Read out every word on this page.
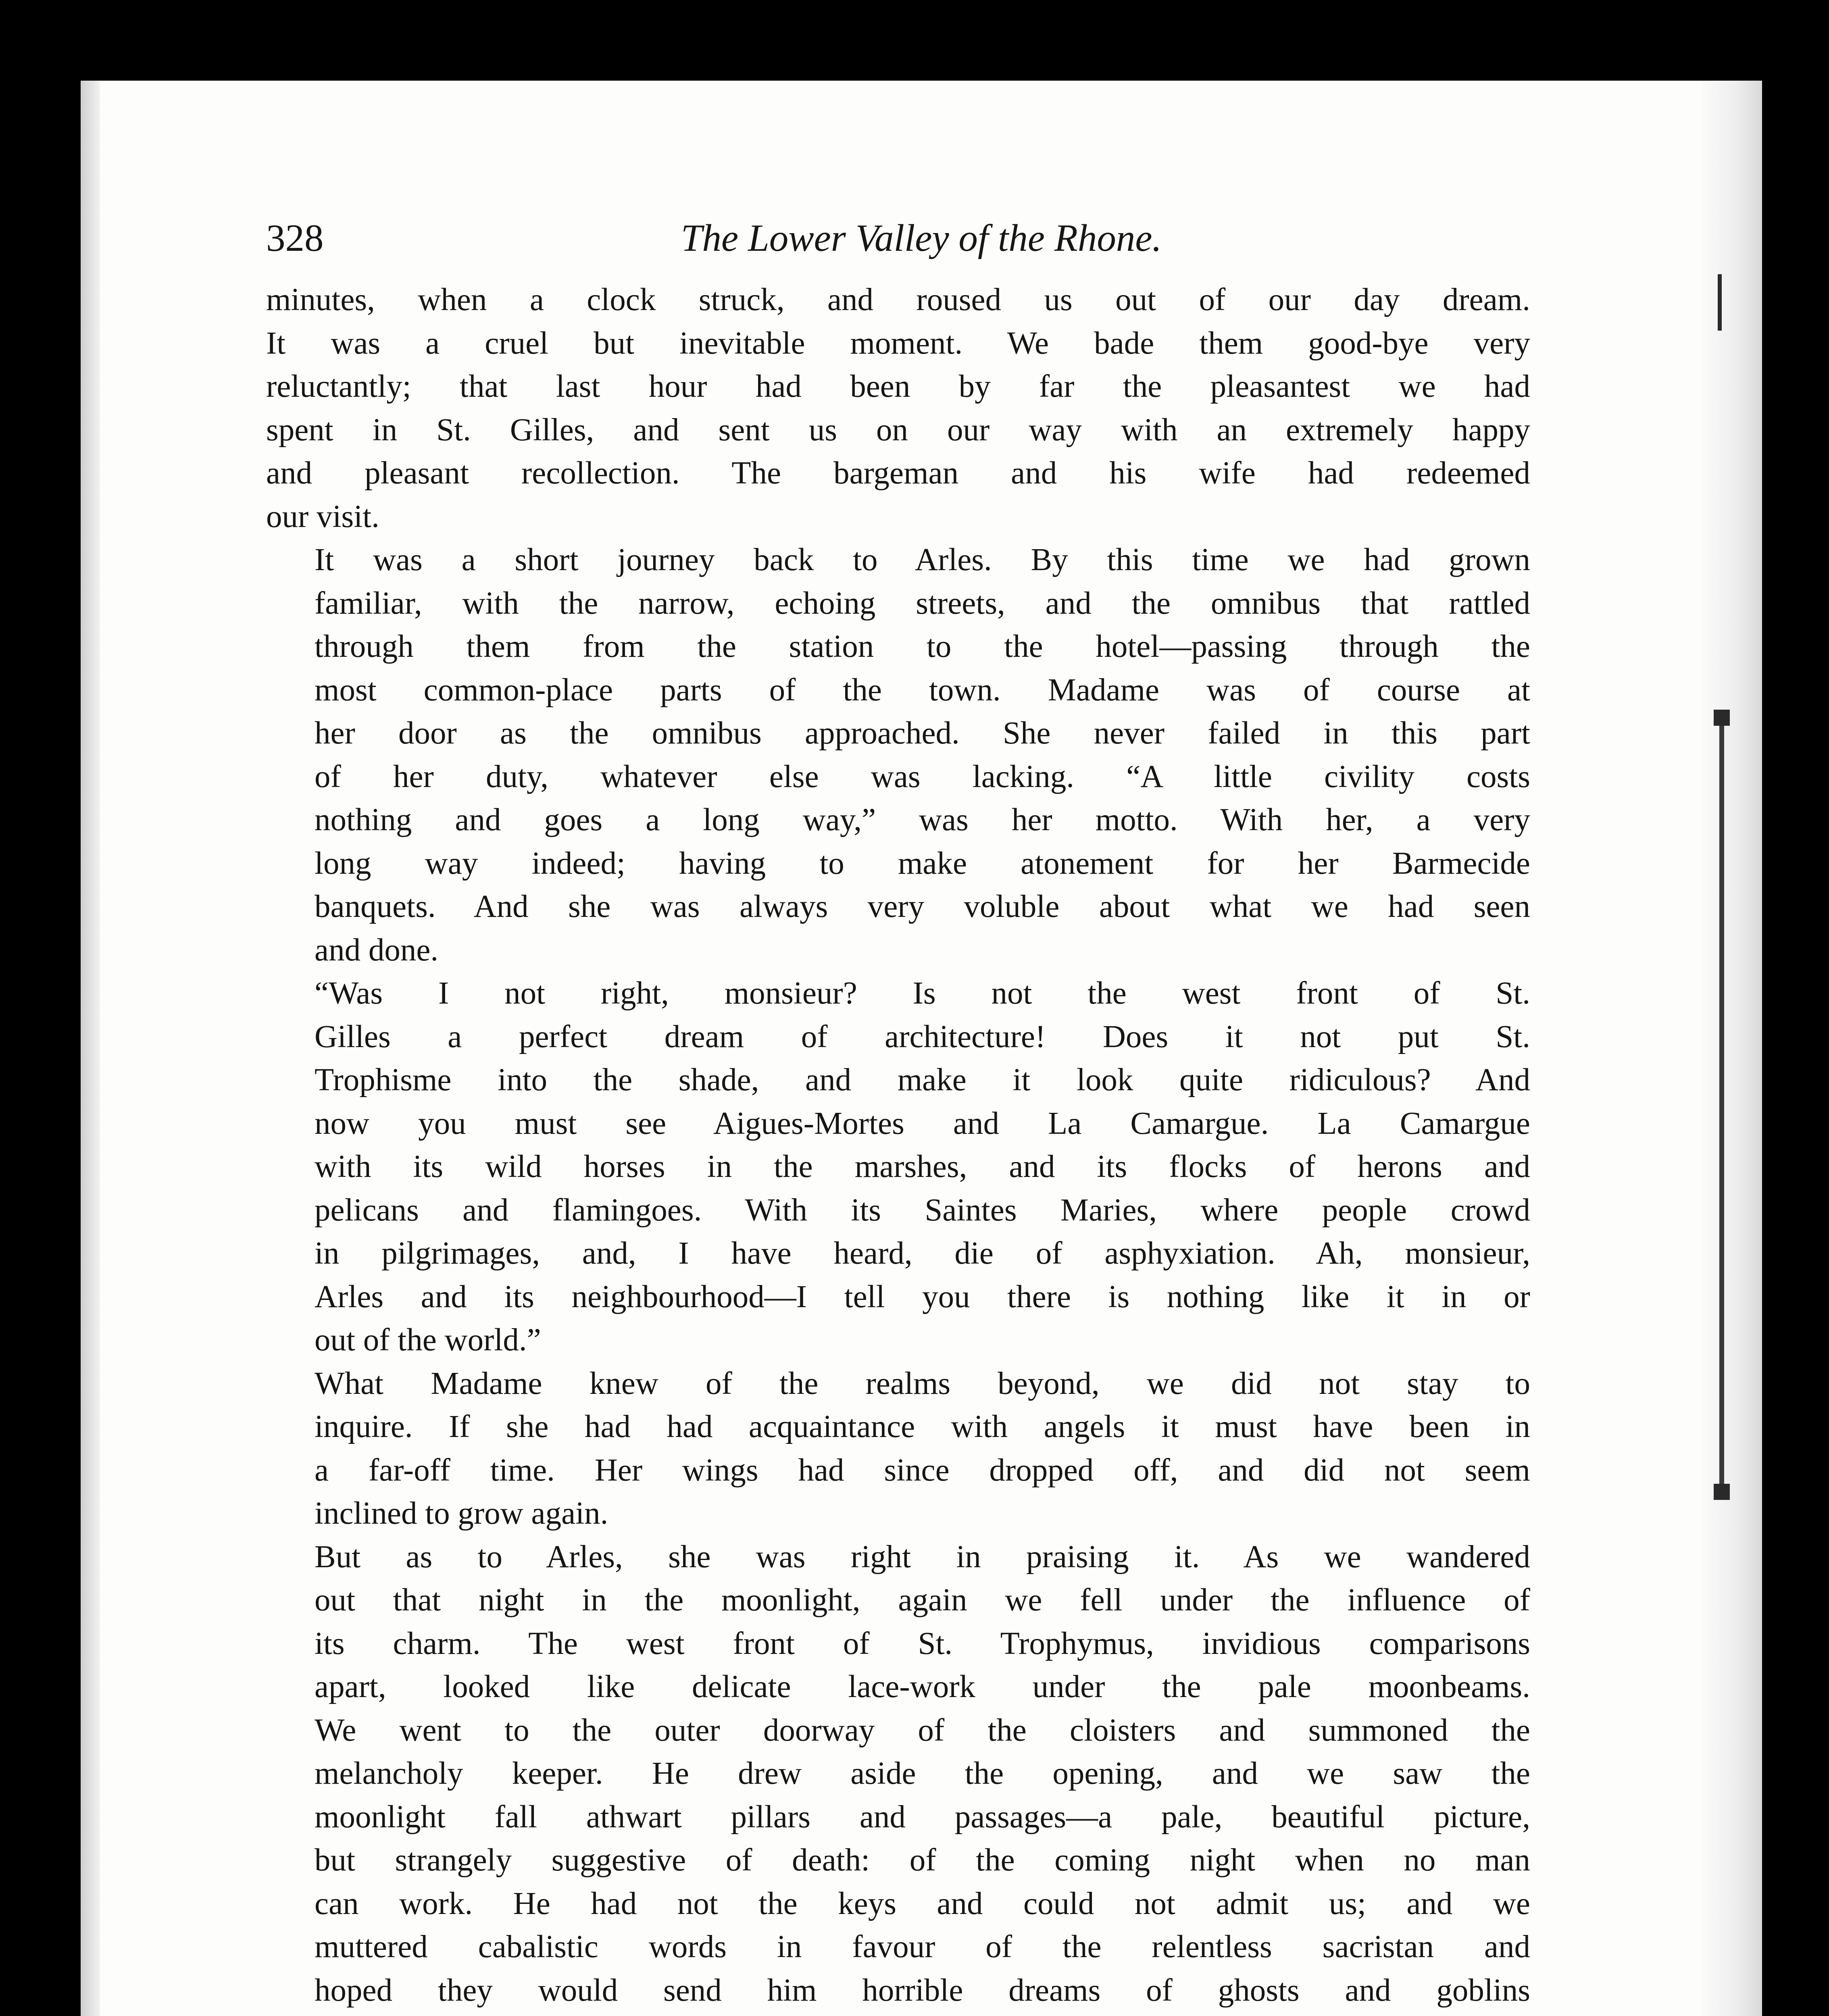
328	The Lower Valley of the Rhone.

minutes, when a clock struck, and roused us out of our day dream.
It was a cruel but inevitable moment. We bade them good-bye very
reluctantly; that last hour had been by far the pleasantest we had
spent in St. Gilles, and sent us on our way with an extremely happy
and pleasant recollection. The bargeman and his wife had redeemed
our visit.

It was a short journey back to Arles. By this time we had grown
familiar, with the narrow, echoing streets, and the omnibus that rattled
through them from the station to the hotel—passing through the
most common-place parts of the town. Madame was of course at
her door as the omnibus approached. She never failed in this part
of her duty, whatever else was lacking. “A little civility costs
nothing and goes a long way,” was her motto. With her, a very
long way indeed; having to make atonement for her Barmecide
banquets. And she was always very voluble about what we had seen
and done.

“Was I not right, monsieur? Is not the west front of St.
Gilles a perfect dream of architecture! Does it not put St.
Trophisme into the shade, and make it look quite ridiculous? And
now you must see Aigues-Mortes and La Camargue. La Camargue
with its wild horses in the marshes, and its flocks of herons and
pelicans and flamingoes. With its Saintes Maries, where people crowd
in pilgrimages, and, I have heard, die of asphyxiation. Ah, monsieur,
Arles and its neighbourhood—I tell you there is nothing like it in or
out of the world.”

What Madame knew of the realms beyond, we did not stay to
inquire. If she had had acquaintance with angels it must have been in
a far-off time. Her wings had since dropped off, and did not seem
inclined to grow again.

But as to Arles, she was right in praising it. As we wandered
out that night in the moonlight, again we fell under the influence of
its charm. The west front of St. Trophymus, invidious comparisons
apart, looked like delicate lace-work under the pale moonbeams.
We went to the outer doorway of the cloisters and summoned the
melancholy keeper. He drew aside the opening, and we saw the
moonlight fall athwart pillars and passages—a pale, beautiful picture,
but strangely suggestive of death: of the coming night when no man
can work. He had not the keys and could not admit us; and we
muttered cabalistic words in favour of the relentless sacristan and
hoped they would send him horrible dreams of ghosts and goblins
